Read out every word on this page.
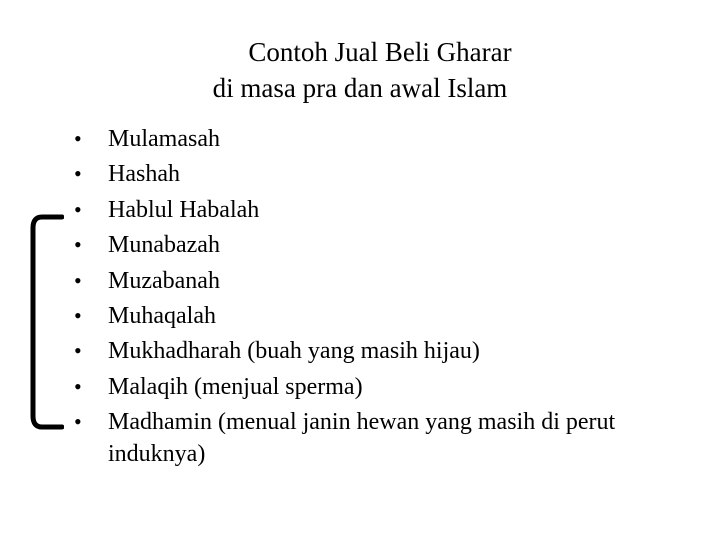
Contoh Jual Beli Gharar
di masa pra dan awal Islam
•	Mulamasah
•	Hashah
•	Hablul Habalah
•	Munabazah
•	Muzabanah
•	Muhaqalah
•	Mukhadharah (buah yang masih hijau)
•	Malaqih (menjual sperma)
•	Madhamin (menual janin hewan yang masih di perut induknya)
